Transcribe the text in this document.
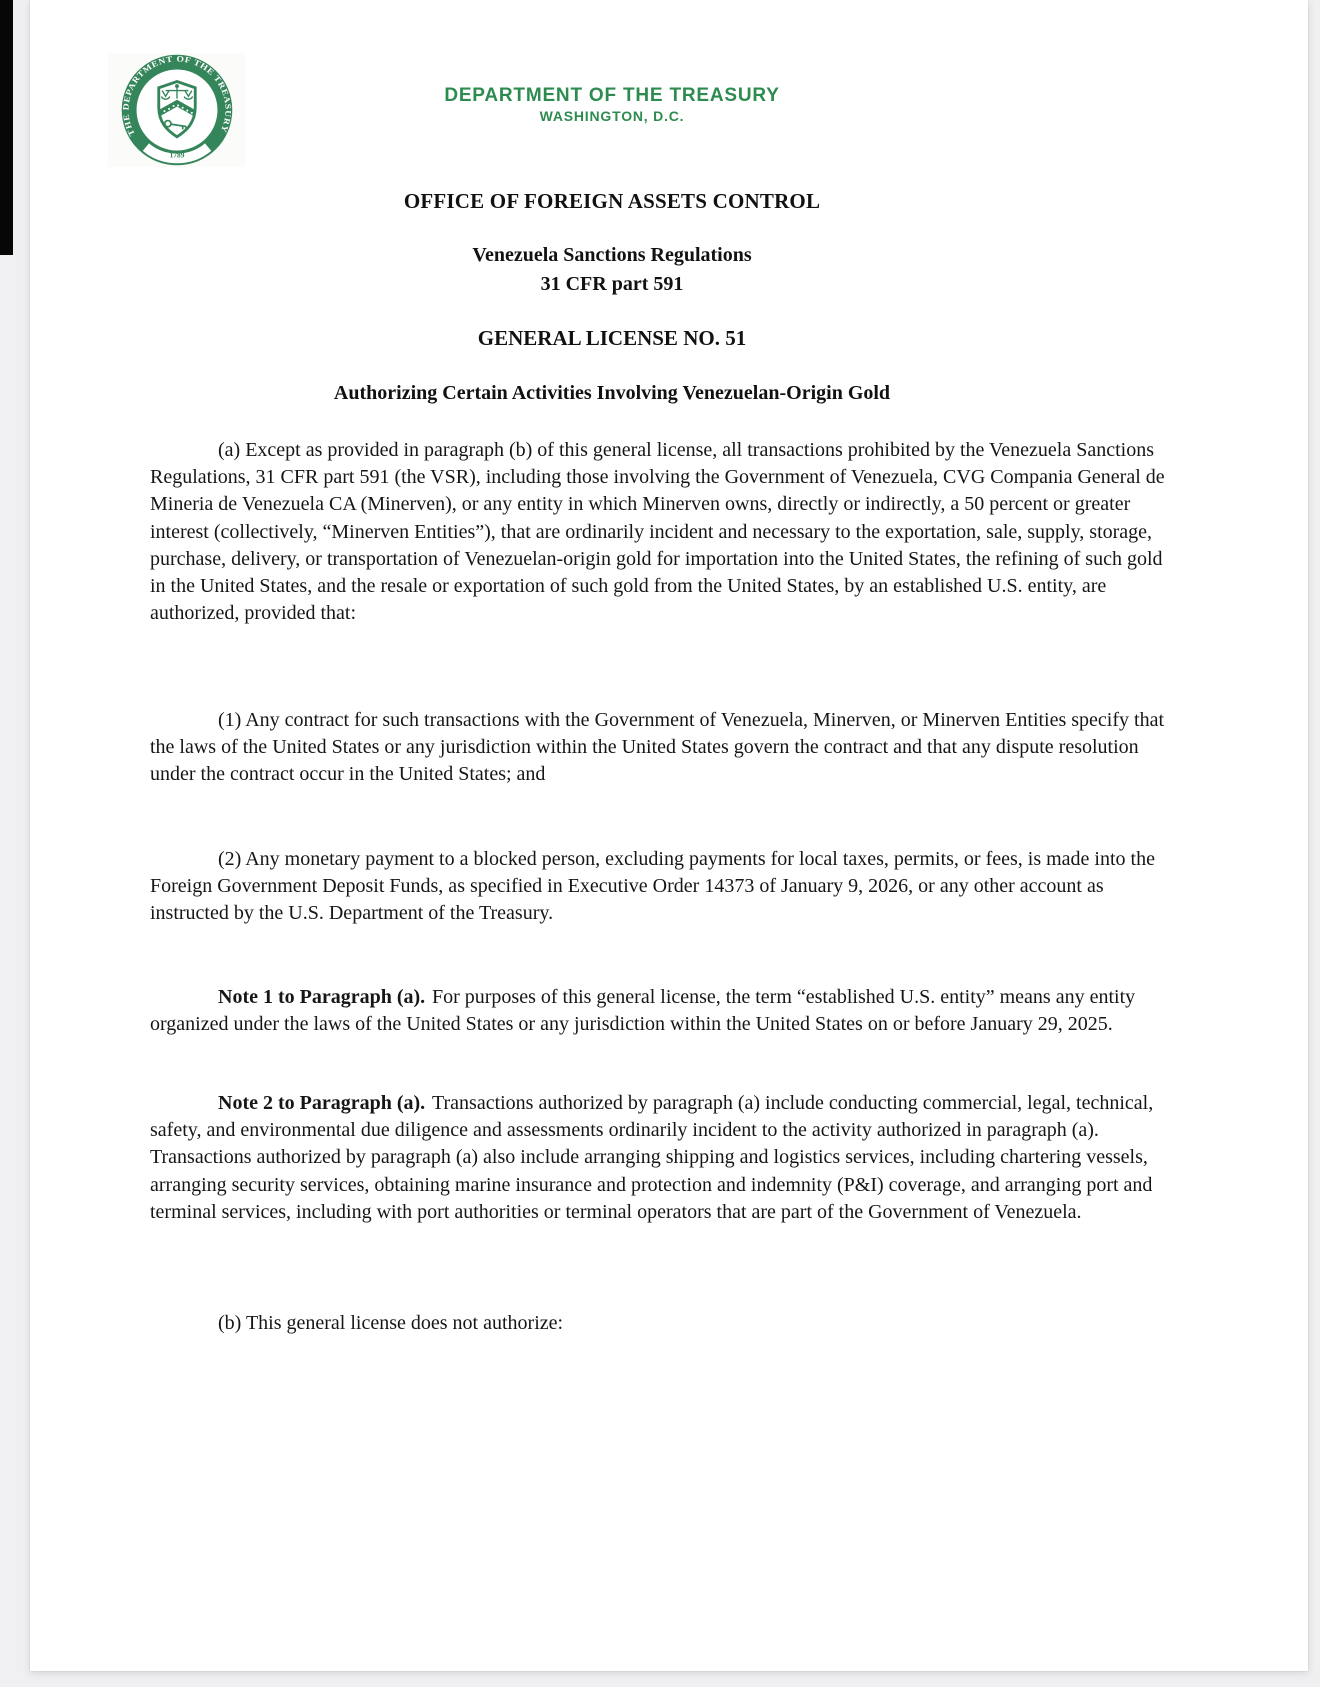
THE DEPARTMENT OF THE TREASURY
1789
DEPARTMENT OF THE TREASURY
WASHINGTON, D.C.
OFFICE OF FOREIGN ASSETS CONTROL
Venezuela Sanctions Regulations
31 CFR part 591
GENERAL LICENSE NO. 51
Authorizing Certain Activities Involving Venezuelan-Origin Gold
(a) Except as provided in paragraph (b) of this general license, all transactions prohibited by the Venezuela Sanctions Regulations, 31 CFR part 591 (the VSR), including those involving the Government of Venezuela, CVG Compania General de Mineria de Venezuela CA (Minerven), or any entity in which Minerven owns, directly or indirectly, a 50 percent or greater interest (collectively, “Minerven Entities”), that are ordinarily incident and necessary to the exportation, sale, supply, storage, purchase, delivery, or transportation of Venezuelan-origin gold for importation into the United States, the refining of such gold in the United States, and the resale or exportation of such gold from the United States, by an established U.S. entity, are authorized, provided that:
(1) Any contract for such transactions with the Government of Venezuela, Minerven, or Minerven Entities specify that the laws of the United States or any jurisdiction within the United States govern the contract and that any dispute resolution under the contract occur in the United States; and
(2) Any monetary payment to a blocked person, excluding payments for local taxes, permits, or fees, is made into the Foreign Government Deposit Funds, as specified in Executive Order 14373 of January 9, 2026, or any other account as instructed by the U.S. Department of the Treasury.
Note 1 to Paragraph (a). For purposes of this general license, the term “established U.S. entity” means any entity organized under the laws of the United States or any jurisdiction within the United States on or before January 29, 2025.
Note 2 to Paragraph (a). Transactions authorized by paragraph (a) include conducting commercial, legal, technical, safety, and environmental due diligence and assessments ordinarily incident to the activity authorized in paragraph (a). Transactions authorized by paragraph (a) also include arranging shipping and logistics services, including chartering vessels, arranging security services, obtaining marine insurance and protection and indemnity (P&I) coverage, and arranging port and terminal services, including with port authorities or terminal operators that are part of the Government of Venezuela.
(b) This general license does not authorize:
